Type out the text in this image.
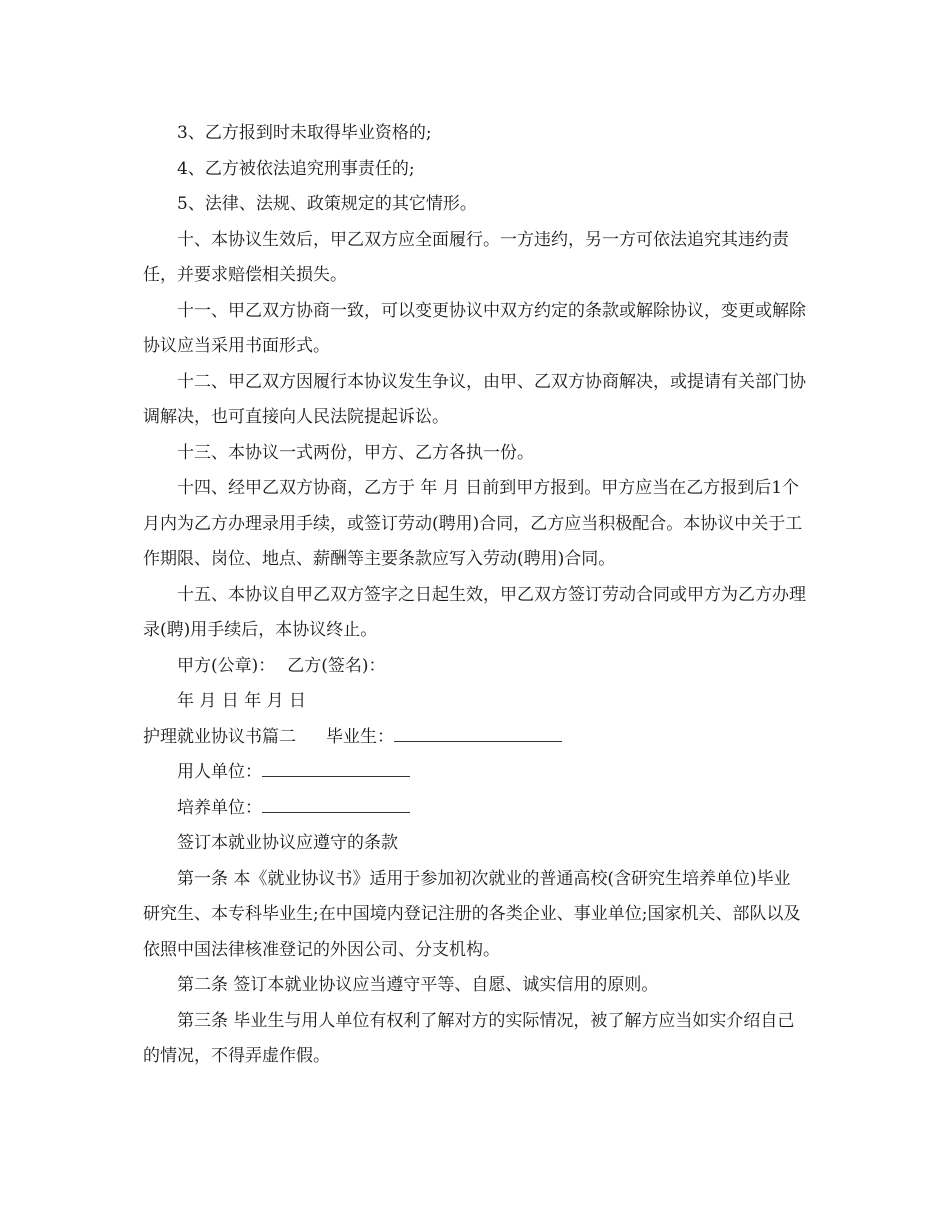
3、乙方报到时未取得毕业资格的;

4、乙方被依法追究刑事责任的;

5、法律、法规、政策规定的其它情形。

十、本协议生效后，甲乙双方应全面履行。一方违约，另一方可依法追究其违约责任，并要求赔偿相关损失。

十一、甲乙双方协商一致，可以变更协议中双方约定的条款或解除协议，变更或解除协议应当采用书面形式。

十二、甲乙双方因履行本协议发生争议，由甲、乙双方协商解决，或提请有关部门协调解决，也可直接向人民法院提起诉讼。

十三、本协议一式两份，甲方、乙方各执一份。

十四、经甲乙双方协商，乙方于 年 月 日前到甲方报到。甲方应当在乙方报到后1个月内为乙方办理录用手续，或签订劳动(聘用)合同，乙方应当积极配合。本协议中关于工作期限、岗位、地点、薪酬等主要条款应写入劳动(聘用)合同。

十五、本协议自甲乙双方签字之日起生效，甲乙双方签订劳动合同或甲方为乙方办理录(聘)用手续后，本协议终止。

甲方(公章)： 乙方(签名)：

年 月 日 年 月 日

护理就业协议书篇二 毕业生：

用人单位：

培养单位：

签订本就业协议应遵守的条款

第一条 本《就业协议书》适用于参加初次就业的普通高校(含研究生培养单位)毕业研究生、本专科毕业生;在中国境内登记注册的各类企业、事业单位;国家机关、部队以及依照中国法律核准登记的外因公司、分支机构。

第二条 签订本就业协议应当遵守平等、自愿、诚实信用的原则。

第三条 毕业生与用人单位有权利了解对方的实际情况，被了解方应当如实介绍自己的情况，不得弄虚作假。
